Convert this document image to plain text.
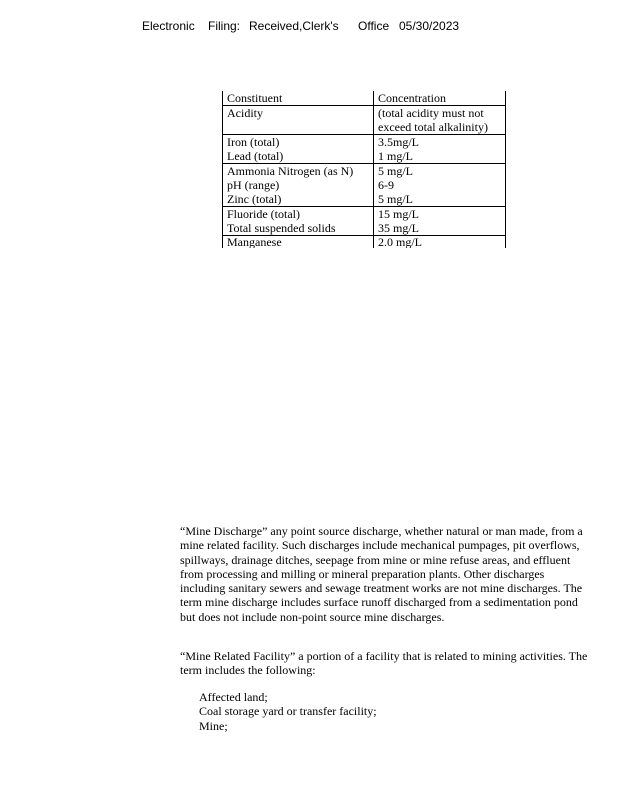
Electronic Filing: Received,Clerk's Office 05/30/2023
Constituent	Concentration
Acidity	(total acidity must not exceed total alkalinity)
Iron (total)	3.5mg/L
Lead (total)	1 mg/L
Ammonia Nitrogen (as N)	5 mg/L
pH (range)	6-9
Zinc (total)	5 mg/L
Fluoride (total)	15 mg/L
Total suspended solids	35 mg/L
Manganese	2.0 mg/L

“Mine Discharge” any point source discharge, whether natural or man made, from a mine related facility. Such discharges include mechanical pumpages, pit overflows, spillways, drainage ditches, seepage from mine or mine refuse areas, and effluent from processing and milling or mineral preparation plants. Other discharges including sanitary sewers and sewage treatment works are not mine discharges. The term mine discharge includes surface runoff discharged from a sedimentation pond but does not include non-point source mine discharges.

“Mine Related Facility” a portion of a facility that is related to mining activities. The term includes the following:

Affected land;
Coal storage yard or transfer facility;
Mine;
